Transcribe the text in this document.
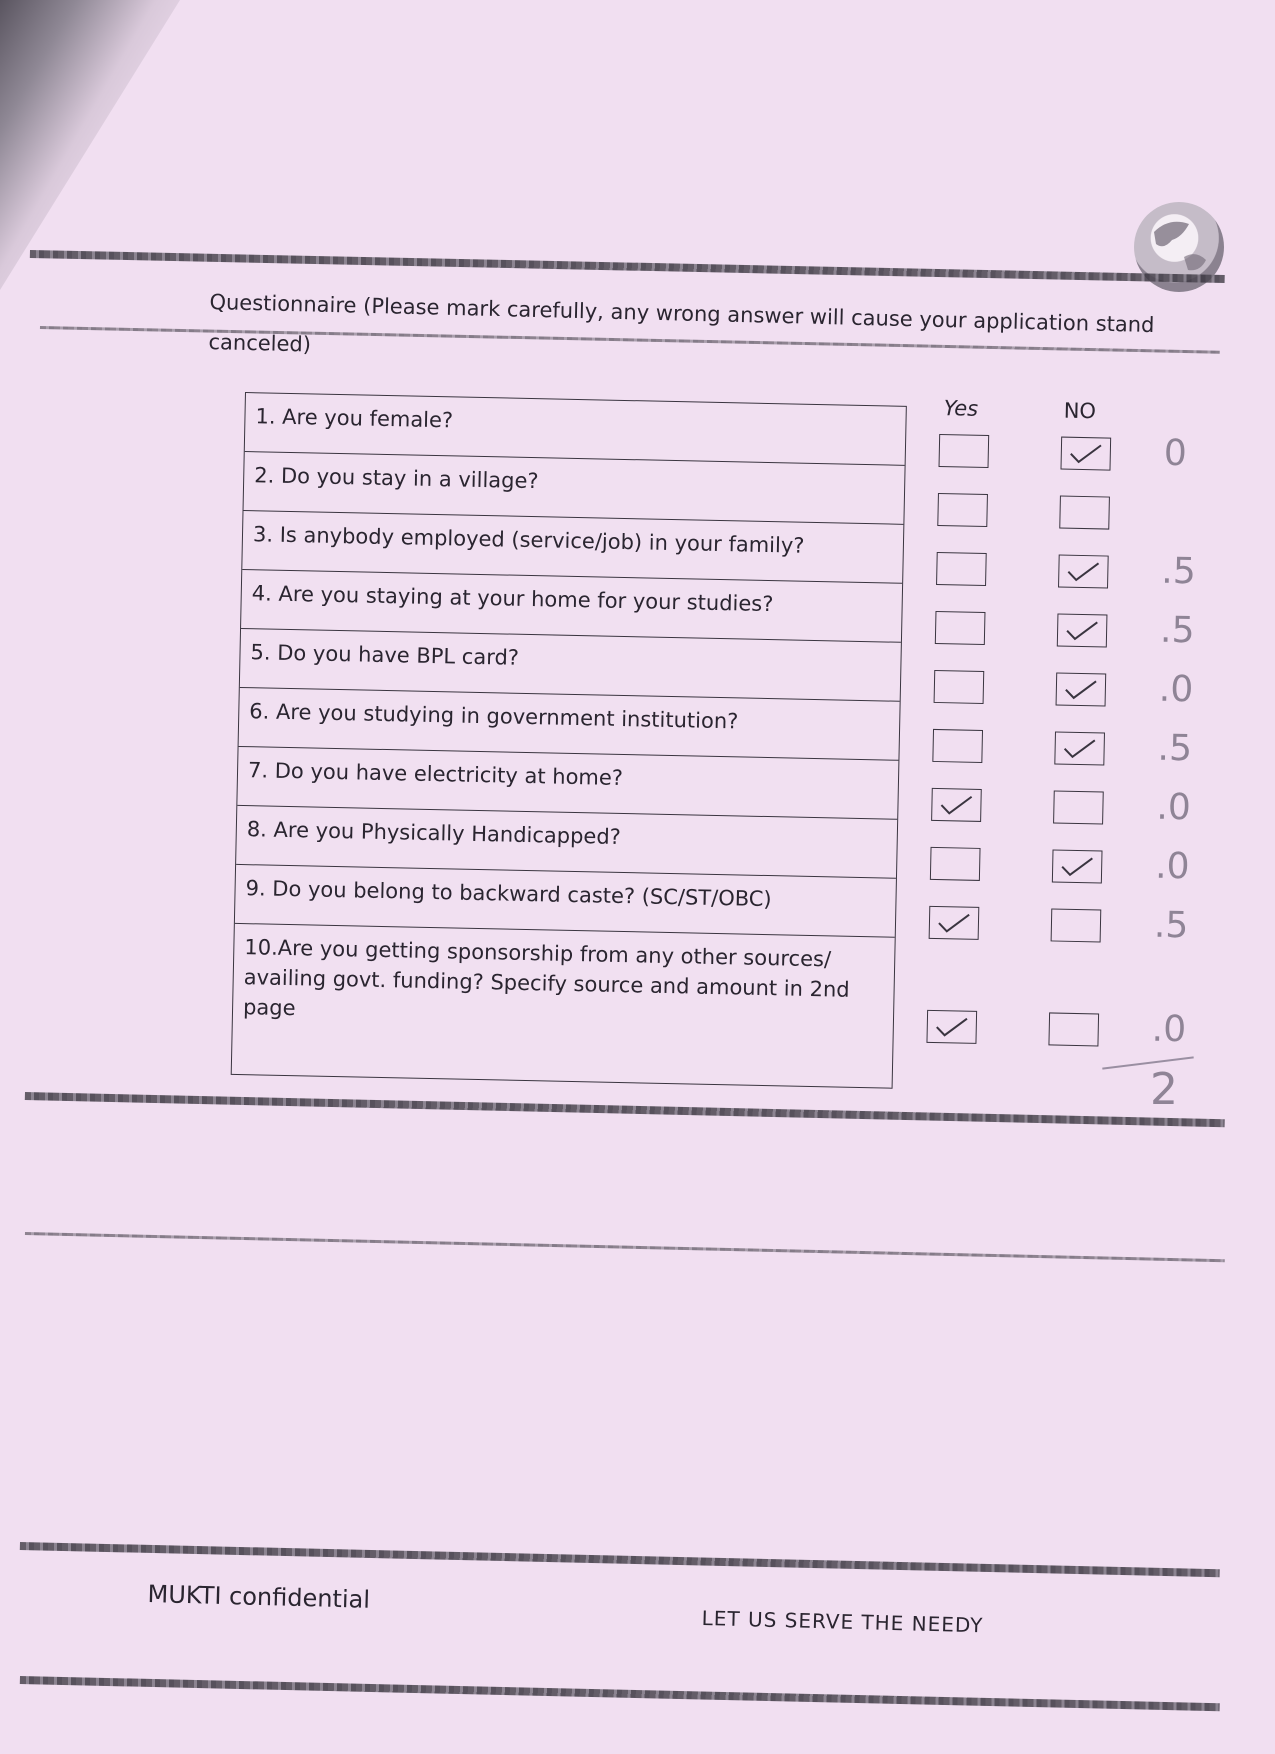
Questionnaire (Please mark carefully, any wrong answer will cause your application stand canceled)
1. Are you female?
2. Do you stay in a village?
3. Is anybody employed (service/job) in your family?
4. Are you staying at your home for your studies?
5. Do you have BPL card?
6. Are you studying in government institution?
7. Do you have electricity at home?
8. Are you Physically Handicapped?
9. Do you belong to backward caste? (SC/ST/OBC)
10.Are you getting sponsorship from any other sources/ availing govt. funding? Specify source and amount in 2nd page
Yes	NO
0
.5
.5
.0
.5
.0
.0
.5
.0
2
MUKTI confidential
LET US SERVE THE NEEDY
